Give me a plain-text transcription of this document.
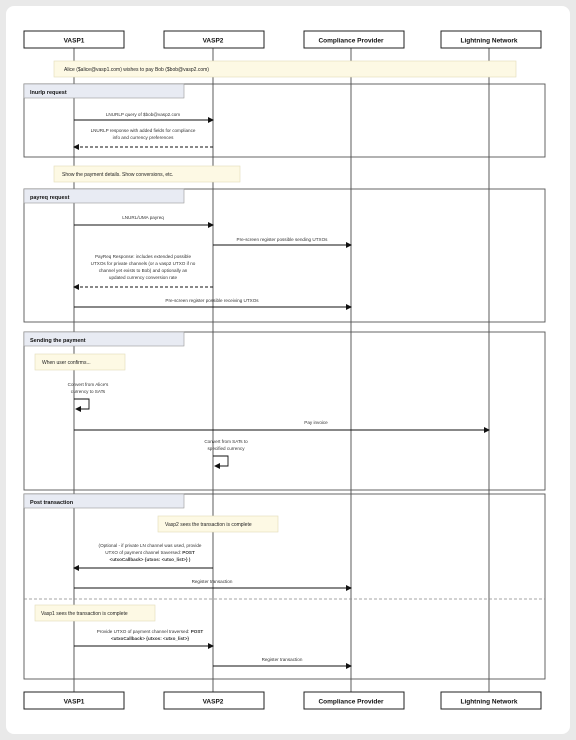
VASP1	VASP2	Compliance Provider	Lightning Network
Alice ($alice@vasp1.com) wishes to pay Bob ($bob@vasp2.com)
lnurlp request
LNURLP query of $bob@vasp2.com
LNURLP response with added fields for compliance
info and currency preferences
Show the payment details. Show conversions, etc.
payreq request
LNURL/UMA payreq
Pre-screen register possible sending UTXOs
PayReq Response: includes extended possible
UTXOs for private channels (or a vasp2 UTXO if no
channel yet exists to Bob) and optionally an
updated currency conversion rate
Pre-screen register possible receiving UTXOs
Sending the payment
When user confirms...
Convert from Alice's
currency to SATs
Pay invoice
Convert from SATs to
specified currency
Post transaction
Vasp2 sees the transaction is complete
(Optional - if private LN channel was used, provide
UTXO of payment channel traversed: POST
<utxoCallback> {utxos: <utxo_list>} )
Register transaction
Vasp1 sees the transaction is complete
Provide UTXO of payment channel traversed: POST
<utxoCallback> {utxos: <utxo_list>}
Register transaction
VASP1	VASP2	Compliance Provider	Lightning Network
